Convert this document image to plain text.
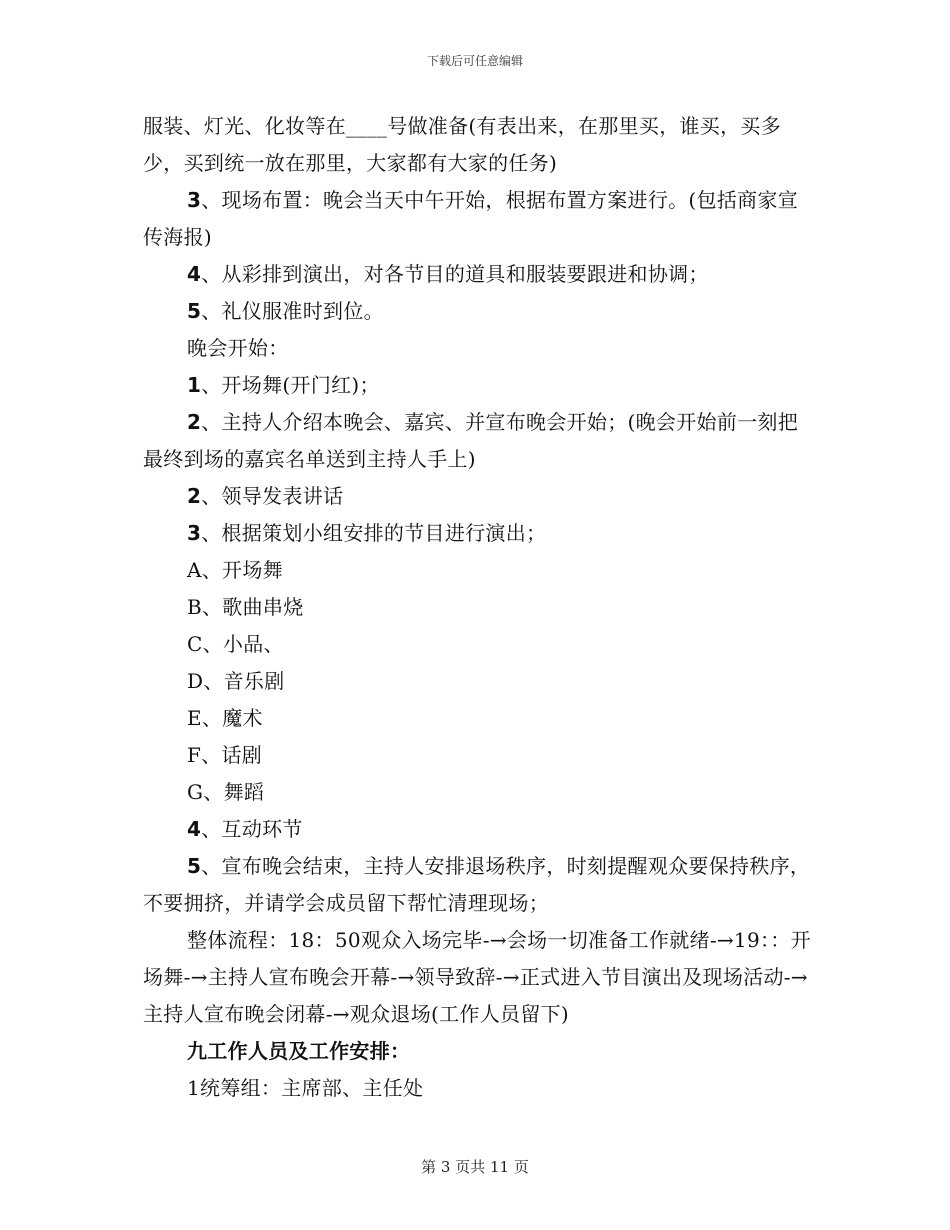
下载后可任意编辑

服装、灯光、化妆等在____号做准备(有表出来，在那里买，谁买，买多少，买到统一放在那里，大家都有大家的任务)

3、现场布置：晚会当天中午开始，根据布置方案进行。(包括商家宣传海报)

4、从彩排到演出，对各节目的道具和服装要跟进和协调；

5、礼仪服准时到位。

晚会开始：

1、开场舞(开门红)；

2、主持人介绍本晚会、嘉宾、并宣布晚会开始；(晚会开始前一刻把最终到场的嘉宾名单送到主持人手上)

2、领导发表讲话

3、根据策划小组安排的节目进行演出；

A、开场舞

B、歌曲串烧

C、小品、

D、音乐剧

E、魔术

F、话剧

G、舞蹈

4、互动环节

5、宣布晚会结束，主持人安排退场秩序，时刻提醒观众要保持秩序，不要拥挤，并请学会成员留下帮忙清理现场；

整体流程：18：50观众入场完毕-→会场一切准备工作就绪-→19：：开场舞-→主持人宣布晚会开幕-→领导致辞-→正式进入节目演出及现场活动-→主持人宣布晚会闭幕-→观众退场(工作人员留下)

九工作人员及工作安排：

1统筹组：主席部、主任处

第 3 页共 11 页
